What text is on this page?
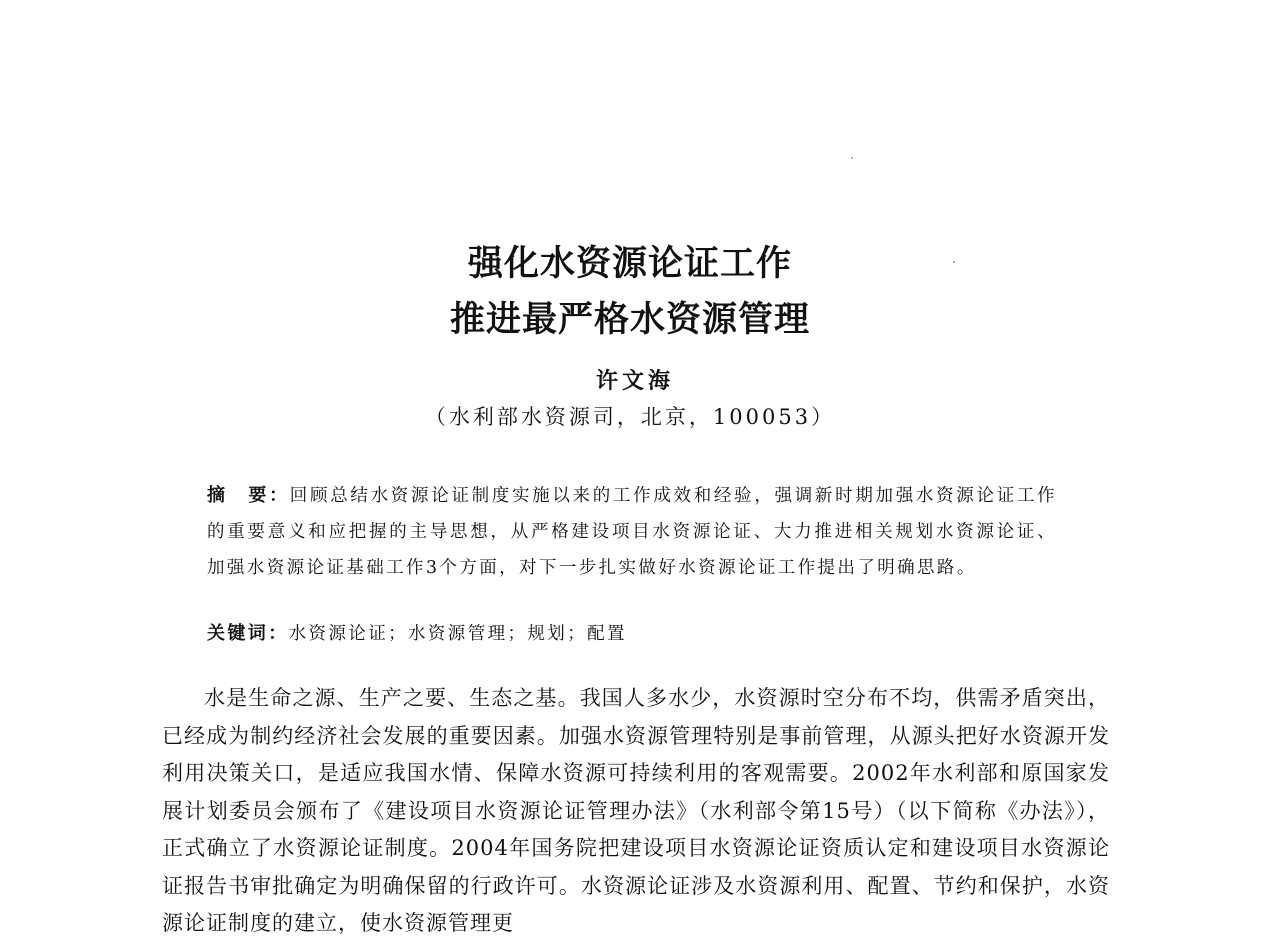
强化水资源论证工作
推进最严格水资源管理
许文海
（水利部水资源司，北京，100053）
摘　要：回顾总结水资源论证制度实施以来的工作成效和经验，强调新时期加强水资源论证工作的重要意义和应把握的主导思想，从严格建设项目水资源论证、大力推进相关规划水资源论证、加强水资源论证基础工作3个方面，对下一步扎实做好水资源论证工作提出了明确思路。
关键词：水资源论证；水资源管理；规划；配置

水是生命之源、生产之要、生态之基。我国人多水少，水资源时空分布不均，供需矛盾突出，已经成为制约经济社会发展的重要因素。加强水资源管理特别是事前管理，从源头把好水资源开发利用决策关口，是适应我国水情、保障水资源可持续利用的客观需要。2002年水利部和原国家发展计划委员会颁布了《建设项目水资源论证管理办法》（水利部令第15号）（以下简称《办法》），正式确立了水资源论证制度。2004年国务院把建设项目水资源论证资质认定和建设项目水资源论证报告书审批确定为明确保留的行政许可。水资源论证涉及水资源利用、配置、节约和保护，水资源论证制度的建立，使水资源管理更
